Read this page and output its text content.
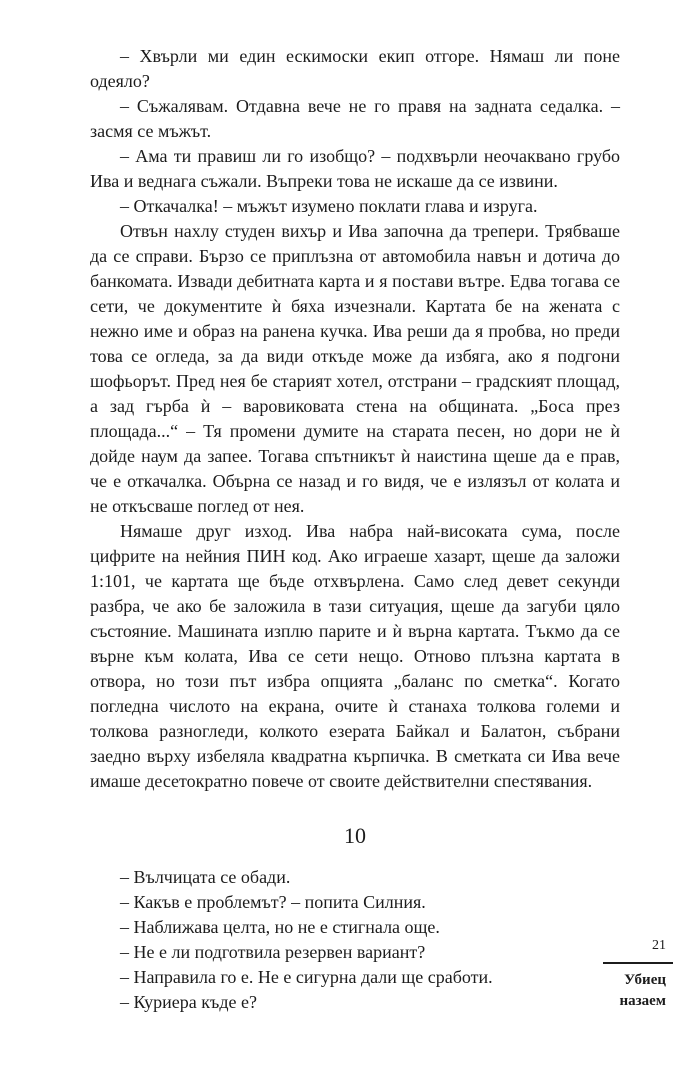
– Хвърли ми един ескимоски екип отгоре. Нямаш ли поне одеяло?

– Съжалявам. Отдавна вече не го правя на задната седалка. – засмя се мъжът.

– Ама ти правиш ли го изобщо? – подхвърли неочаквано грубо Ива и веднага съжали. Въпреки това не искаше да се извини.

– Откачалка! – мъжът изумено поклати глава и изруга.

Отвън нахлу студен вихър и Ива започна да трепери. Трябваше да се справи. Бързо се приплъзна от автомобила навън и дотича до банкомата. Извади дебитната карта и я постави вътре. Едва тогава се сети, че документите ѝ бяха изчезнали. Картата бе на жената с нежно име и образ на ранена кучка. Ива реши да я пробва, но преди това се огледа, за да види откъде може да избяга, ако я подгони шофьорът. Пред нея бе старият хотел, отстрани – градският площад, а зад гърба ѝ – варовиковата стена на общината. „Боса през площада...“ – Тя промени думите на старата песен, но дори не ѝ дойде наум да запее. Тогава спътникът ѝ наистина щеше да е прав, че е откачалка. Обърна се назад и го видя, че е излязъл от колата и не откъсваше поглед от нея.

Нямаше друг изход. Ива набра най-високата сума, после цифрите на нейния ПИН код. Ако играеше хазарт, щеше да заложи 1:101, че картата ще бъде отхвърлена. Само след девет секунди разбра, че ако бе заложила в тази ситуация, щеше да загуби цяло състояние. Машината изплю парите и ѝ върна картата. Тъкмо да се върне към колата, Ива се сети нещо. Отново плъзна картата в отвора, но този път избра опцията „баланс по сметка“. Когато погледна числото на екрана, очите ѝ станаха толкова големи и толкова разногледи, колкото езерата Байкал и Балатон, събрани заедно върху избеляла квадратна кърпичка. В сметката си Ива вече имаше десетократно повече от своите действителни спестявания.

10

– Вълчицата се обади.

– Какъв е проблемът? – попита Силния.

– Наближава целта, но не е стигнала още.

– Не е ли подготвила резервен вариант?

– Направила го е. Не е сигурна дали ще сработи.

– Куриера къде е?

21
Убиец
назаем
